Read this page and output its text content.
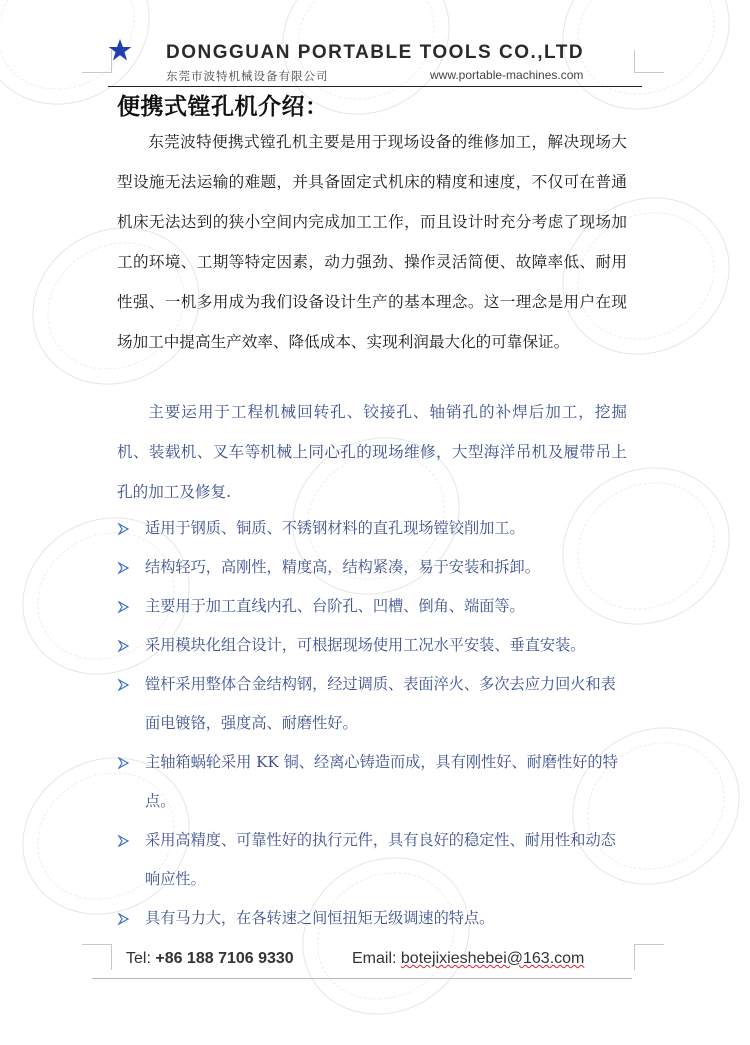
DONGGUAN PORTABLE TOOLS CO.,LTD
东莞市波特机械设备有限公司	www.portable-machines.com
便携式镗孔机介绍：

东莞波特便携式镗孔机主要是用于现场设备的维修加工，解决现场大型设施无法运输的难题，并具备固定式机床的精度和速度，不仅可在普通机床无法达到的狭小空间内完成加工工作，而且设计时充分考虑了现场加工的环境、工期等特定因素，动力强劲、操作灵活简便、故障率低、耐用性强、一机多用成为我们设备设计生产的基本理念。这一理念是用户在现场加工中提高生产效率、降低成本、实现利润最大化的可靠保证。

主要运用于工程机械回转孔、铰接孔、轴销孔的补焊后加工，挖掘机、装载机、叉车等机械上同心孔的现场维修，大型海洋吊机及履带吊上孔的加工及修复.

适用于钢质、铜质、不锈钢材料的直孔现场镗铰削加工。
结构轻巧，高刚性，精度高，结构紧凑，易于安装和拆卸。
主要用于加工直线内孔、台阶孔、凹槽、倒角、端面等。
采用模块化组合设计，可根据现场使用工况水平安装、垂直安装。
镗杆采用整体合金结构钢，经过调质、表面淬火、多次去应力回火和表面电镀铬，强度高、耐磨性好。
主轴箱蜗轮采用 KK 铜、经离心铸造而成，具有刚性好、耐磨性好的特点。
采用高精度、可靠性好的执行元件，具有良好的稳定性、耐用性和动态响应性。
具有马力大，在各转速之间恒扭矩无级调速的特点。
Tel: +86 188 7106 9330	Email: botejixieshebei@163.com
